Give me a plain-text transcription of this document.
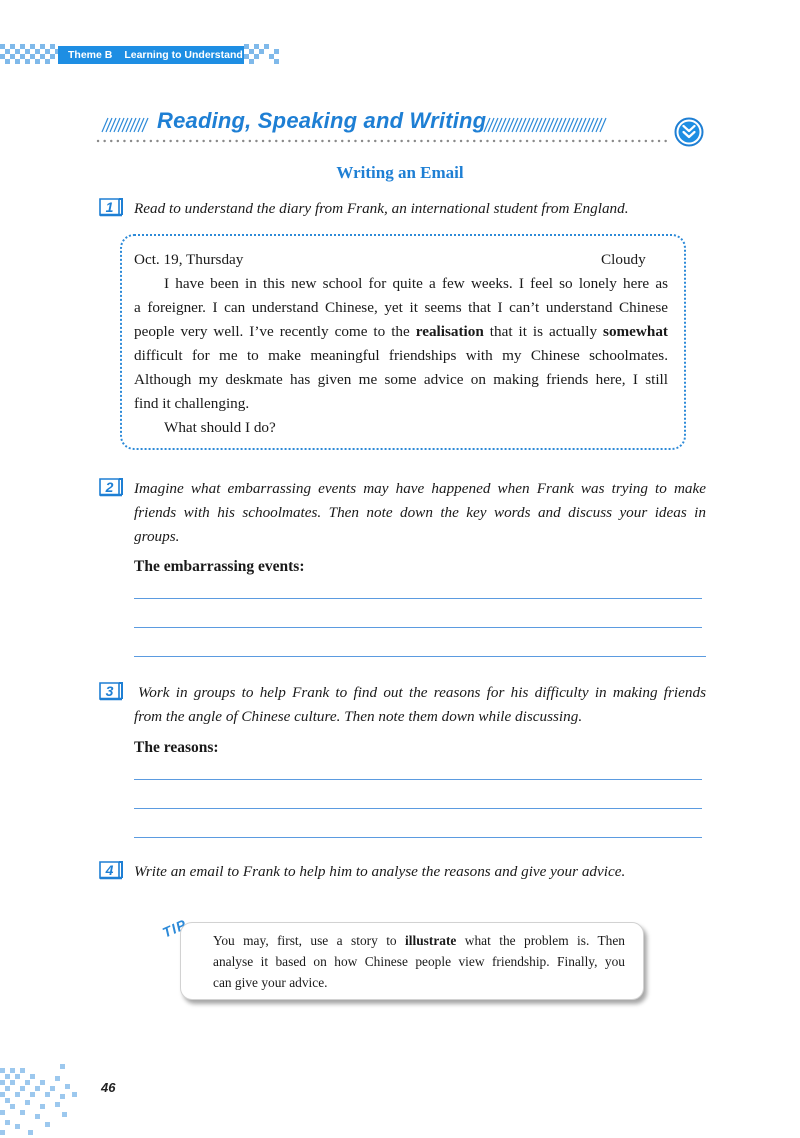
Theme B Learning to Understand
Reading, Speaking and Writing
Writing an Email
1 Read to understand the diary from Frank, an international student from England.
Oct. 19, Thursday	Cloudy
I have been in this new school for quite a few weeks. I feel so lonely here as
a foreigner. I can understand Chinese, yet it seems that I can’t understand Chinese
people very well. I’ve recently come to the realisation that it is actually somewhat
difficult for me to make meaningful friendships with my Chinese schoolmates.
Although my deskmate has given me some advice on making friends here, I still
find it challenging.
What should I do?
2 Imagine what embarrassing events may have happened when Frank was trying to make
friends with his schoolmates. Then note down the key words and discuss your ideas in
groups.
The embarrassing events:
3 Work in groups to help Frank to find out the reasons for his difficulty in making friends
from the angle of Chinese culture. Then note them down while discussing.
The reasons:
4 Write an email to Frank to help him to analyse the reasons and give your advice.
TIP You may, first, use a story to illustrate what the problem is. Then
analyse it based on how Chinese people view friendship. Finally, you
can give your advice.
46
